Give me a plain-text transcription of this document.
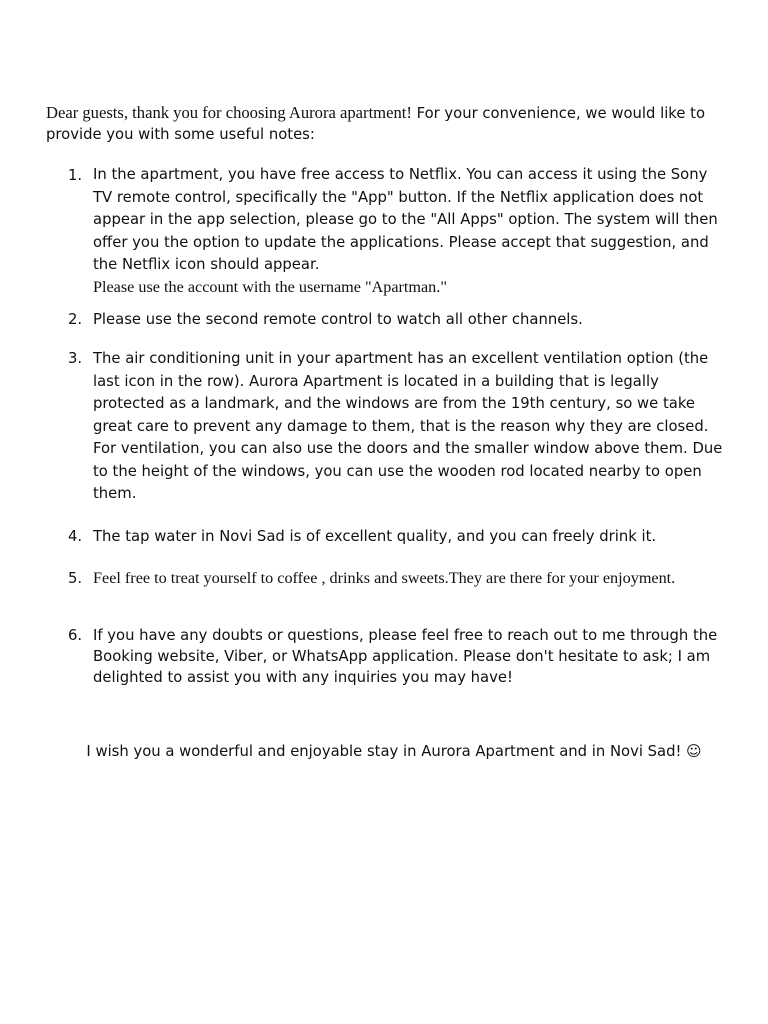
Dear guests, thank you for choosing Aurora apartment! For your convenience, we would like to provide you with some useful notes:

1. In the apartment, you have free access to Netflix. You can access it using the Sony TV remote control, specifically the "App" button. If the Netflix application does not appear in the app selection, please go to the "All Apps" option. The system will then offer you the option to update the applications. Please accept that suggestion, and the Netflix icon should appear.

Please use the account with the username "Apartman."

2. Please use the second remote control to watch all other channels.

3. The air conditioning unit in your apartment has an excellent ventilation option (the last icon in the row). Aurora Apartment is located in a building that is legally protected as a landmark, and the windows are from the 19th century, so we take great care to prevent any damage to them, that is the reason why they are closed. For ventilation, you can also use the doors and the smaller window above them. Due to the height of the windows, you can use the wooden rod located nearby to open them.

4. The tap water in Novi Sad is of excellent quality, and you can freely drink it.

5. Feel free to treat yourself to coffee , drinks and sweets.They are there for your enjoyment.

6. If you have any doubts or questions, please feel free to reach out to me through the Booking website, Viber, or WhatsApp application. Please don't hesitate to ask; I am delighted to assist you with any inquiries you may have!

I wish you a wonderful and enjoyable stay in Aurora Apartment and in Novi Sad! ☺
